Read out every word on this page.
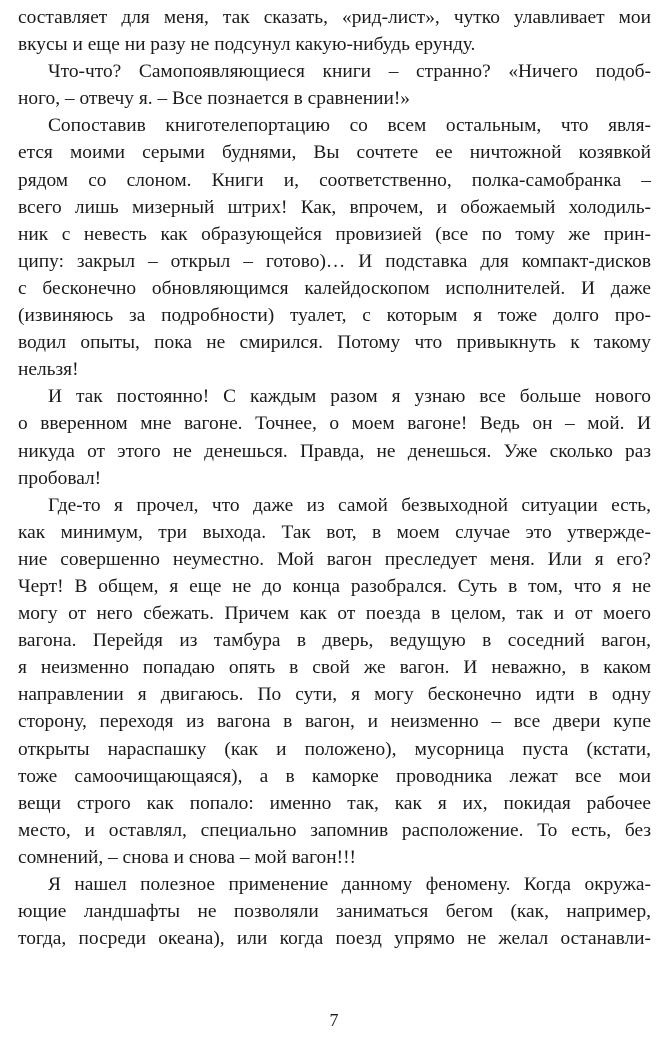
составляет для меня, так сказать, «рид-лист», чутко улавливает мои
вкусы и еще ни разу не подсунул какую-нибудь ерунду.
Что-что? Самопоявляющиеся книги – странно? «Ничего подоб-
ного, – отвечу я. – Все познается в сравнении!»
Сопоставив книготелепортацию со всем остальным, что явля-
ется моими серыми буднями, Вы сочтете ее ничтожной козявкой
рядом со слоном. Книги и, соответственно, полка-самобранка –
всего лишь мизерный штрих! Как, впрочем, и обожаемый холодиль-
ник с невесть как образующейся провизией (все по тому же прин-
ципу: закрыл – открыл – готово)… И подставка для компакт-дисков
с бесконечно обновляющимся калейдоскопом исполнителей. И даже
(извиняюсь за подробности) туалет, с которым я тоже долго про-
водил опыты, пока не смирился. Потому что привыкнуть к такому
нельзя!
И так постоянно! С каждым разом я узнаю все больше нового
о вверенном мне вагоне. Точнее, о моем вагоне! Ведь он – мой. И
никуда от этого не денешься. Правда, не денешься. Уже сколько раз
пробовал!
Где-то я прочел, что даже из самой безвыходной ситуации есть,
как минимум, три выхода. Так вот, в моем случае это утвержде-
ние совершенно неуместно. Мой вагон преследует меня. Или я его?
Черт! В общем, я еще не до конца разобрался. Суть в том, что я не
могу от него сбежать. Причем как от поезда в целом, так и от моего
вагона. Перейдя из тамбура в дверь, ведущую в соседний вагон,
я неизменно попадаю опять в свой же вагон. И неважно, в каком
направлении я двигаюсь. По сути, я могу бесконечно идти в одну
сторону, переходя из вагона в вагон, и неизменно – все двери купе
открыты нараспашку (как и положено), мусорница пуста (кстати,
тоже самоочищающаяся), а в каморке проводника лежат все мои
вещи строго как попало: именно так, как я их, покидая рабочее
место, и оставлял, специально запомнив расположение. То есть, без
сомнений, – снова и снова – мой вагон!!!
Я нашел полезное применение данному феномену. Когда окружа-
ющие ландшафты не позволяли заниматься бегом (как, например,
тогда, посреди океана), или когда поезд упрямо не желал останавли-
7
